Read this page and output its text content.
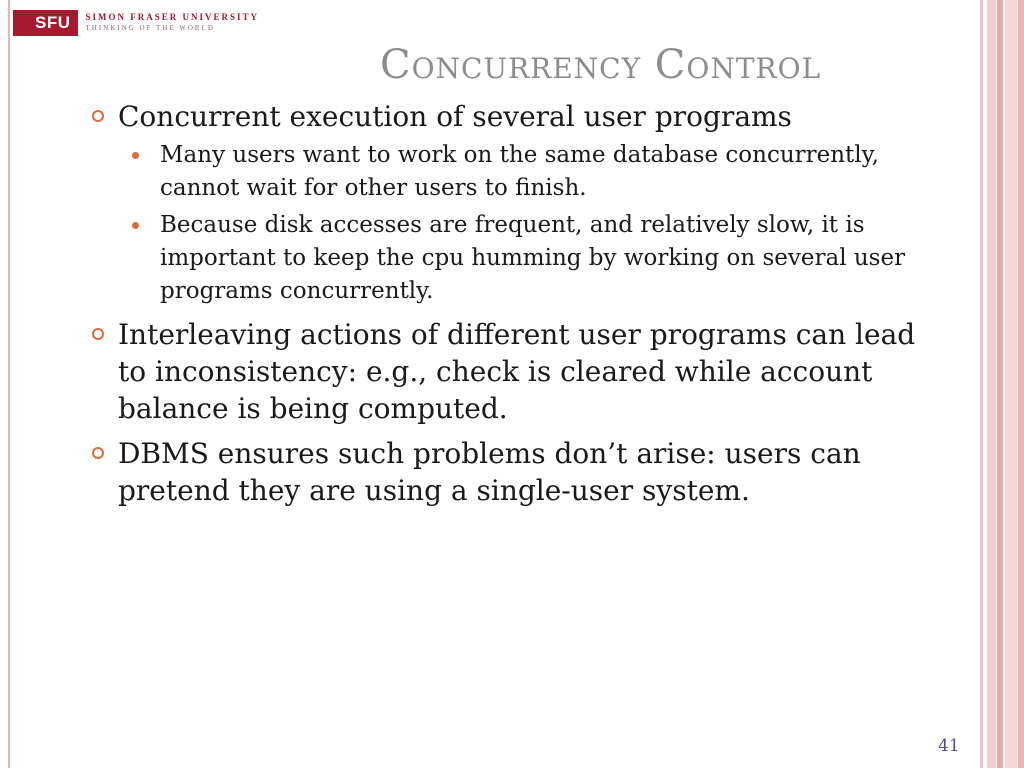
SFU	SIMON FRASER UNIVERSITY
THINKING OF THE WORLD
Concurrency Control
Concurrent execution of several user programs
Many users want to work on the same database concurrently, cannot wait for other users to finish.
Because disk accesses are frequent, and relatively slow, it is important to keep the cpu humming by working on several user programs concurrently.
Interleaving actions of different user programs can lead to inconsistency: e.g., check is cleared while account balance is being computed.
DBMS ensures such problems don’t arise: users can pretend they are using a single-user system.
41
